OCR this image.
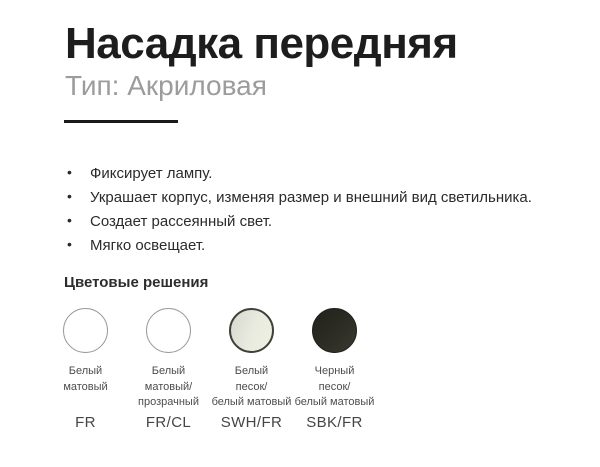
Насадка передняя
Тип: Акриловая
• Фиксирует лампу.
• Украшает корпус, изменяя размер и внешний вид светильника.
• Создает рассеянный свет.
• Мягко освещает.
Цветовые решения
Белый
матовый
FR
Белый
матовый/
прозрачный
FR/CL
Белый
песок/
белый матовый
SWH/FR
Черный
песок/
белый матовый
SBK/FR
